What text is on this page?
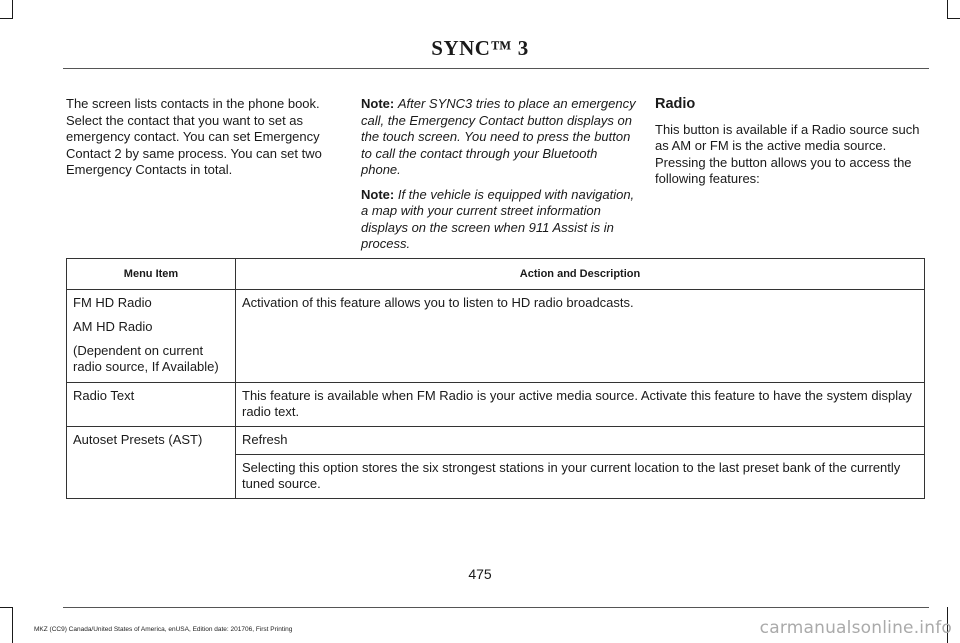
SYNC™ 3

The screen lists contacts in the phone book. Select the contact that you want to set as emergency contact. You can set Emergency Contact 2 by same process. You can set two Emergency Contacts in total.

Note: After SYNC3 tries to place an emergency call, the Emergency Contact button displays on the touch screen. You need to press the button to call the contact through your Bluetooth phone.

Note: If the vehicle is equipped with navigation, a map with your current street information displays on the screen when 911 Assist is in process.

Radio

This button is available if a Radio source such as AM or FM is the active media source. Pressing the button allows you to access the following features:

Menu Item	Action and Description

FM HD Radio
AM HD Radio
(Dependent on current radio source, If Available)	Activation of this feature allows you to listen to HD radio broadcasts.
Radio Text	This feature is available when FM Radio is your active media source. Activate this feature to have the system display radio text.
Autoset Presets (AST)	Refresh
	Selecting this option stores the six strongest stations in your current location to the last preset bank of the currently tuned source.
475
MKZ (CC9) Canada/United States of America, enUSA, Edition date: 201706, First Printing	carmanualsonline.info
